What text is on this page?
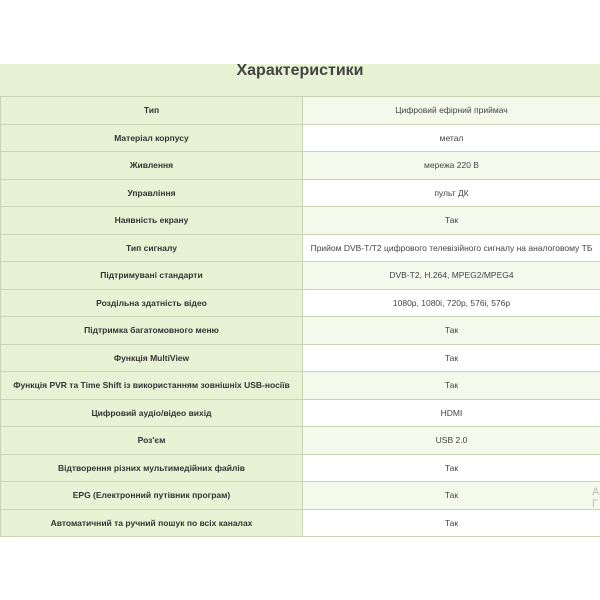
Характеристики
Тип	Цифровий ефірний приймач
Матеріал корпусу	метал
Живлення	мережа 220 В
Управління	пульт ДК
Наявність екрану	Так
Тип сигналу	Прийом DVB-T/T2 цифрового телевізійного сигналу на аналоговому ТБ
Підтримувані стандарти	DVB-T2, H.264, MPEG2/MPEG4
Роздільна здатність відео	1080p, 1080i, 720p, 576i, 576p
Підтримка багатомовного меню	Так
Функція MultiView	Так
Функція PVR та Time Shift із використанням зовнішніх USB-носіїв	Так
Цифровий аудіо/відео вихід	HDMI
Роз'єм	USB 2.0
Відтворення різних мультимедійних файлів	Так
EPG (Електронний путівник програм)	Так
Автоматичний та ручний пошук по всіх каналах	Так
А
Г
